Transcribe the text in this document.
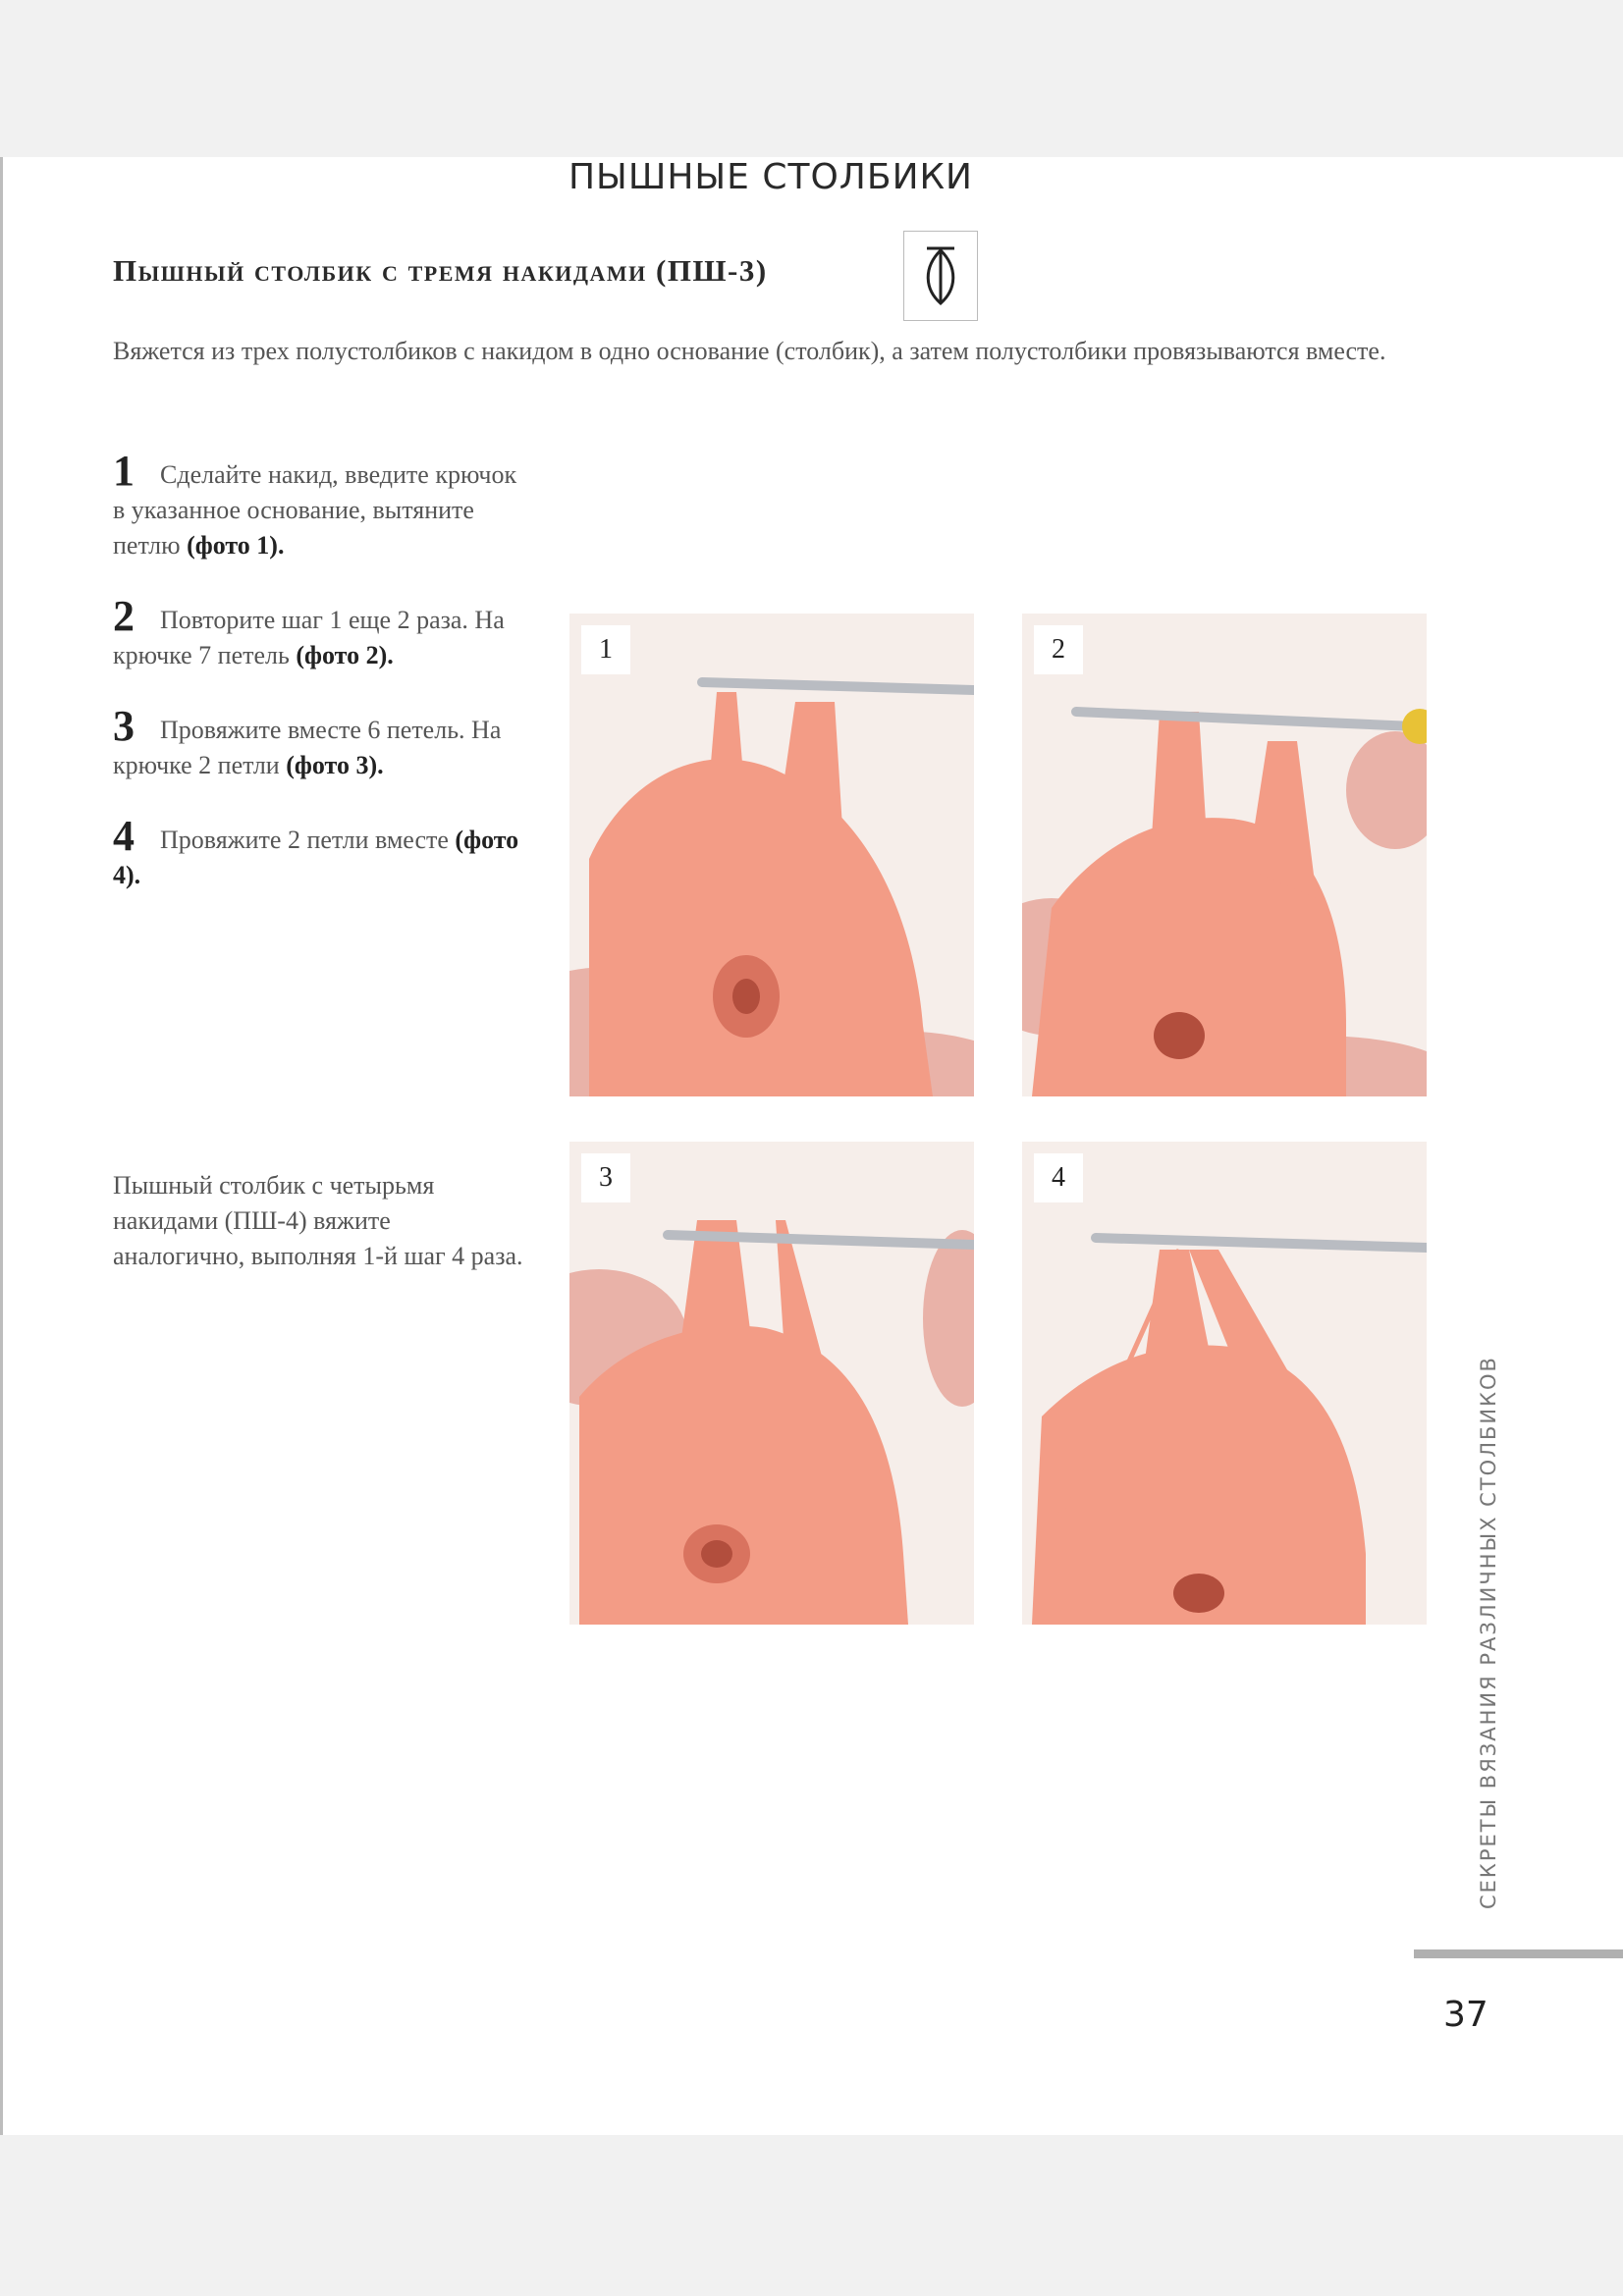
ПЫШНЫЕ СТОЛБИКИ
Пышный столбик с тремя накидами (ПШ-3)
Вяжется из трех полустолбиков с накидом в одно основание (столбик), а затем полустолбики провязываются вместе.
1 Сделайте накид, введите крючок в указанное основание, вытяните петлю (фото 1).
2 Повторите шаг 1 еще 2 раза. На крючке 7 петель (фото 2).
3 Провяжите вместе 6 петель. На крючке 2 петли (фото 3).
4 Провяжите 2 петли вместе (фото 4).
Пышный столбик с четырьмя накидами (ПШ-4) вяжите аналогично, выполняя 1-й шаг 4 раза.
1	2
3	4
СЕКРЕТЫ ВЯЗАНИЯ РАЗЛИЧНЫХ СТОЛБИКОВ
37
